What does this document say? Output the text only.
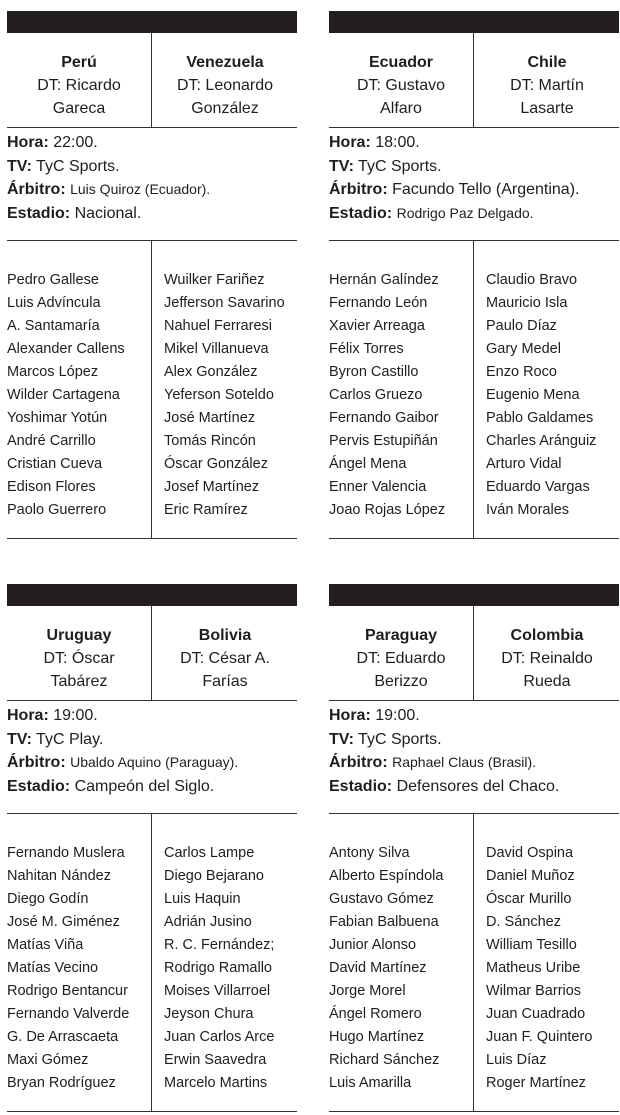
Perú
DT: Ricardo
Gareca
Venezuela
DT: Leonardo
González
Hora: 22:00.
TV: TyC Sports.
Árbitro: Luis Quiroz (Ecuador).
Estadio: Nacional.
Pedro Gallese
Luis Advíncula
A. Santamaría
Alexander Callens
Marcos López
Wilder Cartagena
Yoshimar Yotún
André Carrillo
Cristian Cueva
Edison Flores
Paolo Guerrero
Wuilker Fariñez
Jefferson Savarino
Nahuel Ferraresi
Mikel Villanueva
Alex González
Yeferson Soteldo
José Martínez
Tomás Rincón
Óscar González
Josef Martínez
Eric Ramírez
Ecuador
DT: Gustavo
Alfaro
Chile
DT: Martín
Lasarte
Hora: 18:00.
TV: TyC Sports.
Árbitro: Facundo Tello (Argentina).
Estadio: Rodrigo Paz Delgado.
Hernán Galíndez
Fernando León
Xavier Arreaga
Félix Torres
Byron Castillo
Carlos Gruezo
Fernando Gaibor
Pervis Estupiñán
Ángel Mena
Enner Valencia
Joao Rojas López
Claudio Bravo
Mauricio Isla
Paulo Díaz
Gary Medel
Enzo Roco
Eugenio Mena
Pablo Galdames
Charles Aránguiz
Arturo Vidal
Eduardo Vargas
Iván Morales
Uruguay
DT: Óscar
Tabárez
Bolivia
DT: César A.
Farías
Hora: 19:00.
TV: TyC Play.
Árbitro: Ubaldo Aquino (Paraguay).
Estadio: Campeón del Siglo.
Fernando Muslera
Nahitan Nández
Diego Godín
José M. Giménez
Matías Viña
Matías Vecino
Rodrigo Bentancur
Fernando Valverde
G. De Arrascaeta
Maxi Gómez
Bryan Rodríguez
Carlos Lampe
Diego Bejarano
Luis Haquin
Adrián Jusino
R. C. Fernández;
Rodrigo Ramallo
Moises Villarroel
Jeyson Chura
Juan Carlos Arce
Erwin Saavedra
Marcelo Martins
Paraguay
DT: Eduardo
Berizzo
Colombia
DT: Reinaldo
Rueda
Hora: 19:00.
TV: TyC Sports.
Árbitro: Raphael Claus (Brasil).
Estadio: Defensores del Chaco.
Antony Silva
Alberto Espíndola
Gustavo Gómez
Fabian Balbuena
Junior Alonso
David Martínez
Jorge Morel
Ángel Romero
Hugo Martínez
Richard Sánchez
Luis Amarilla
David Ospina
Daniel Muñoz
Óscar Murillo
D. Sánchez
William Tesillo
Matheus Uribe
Wilmar Barrios
Juan Cuadrado
Juan F. Quintero
Luis Díaz
Roger Martínez
